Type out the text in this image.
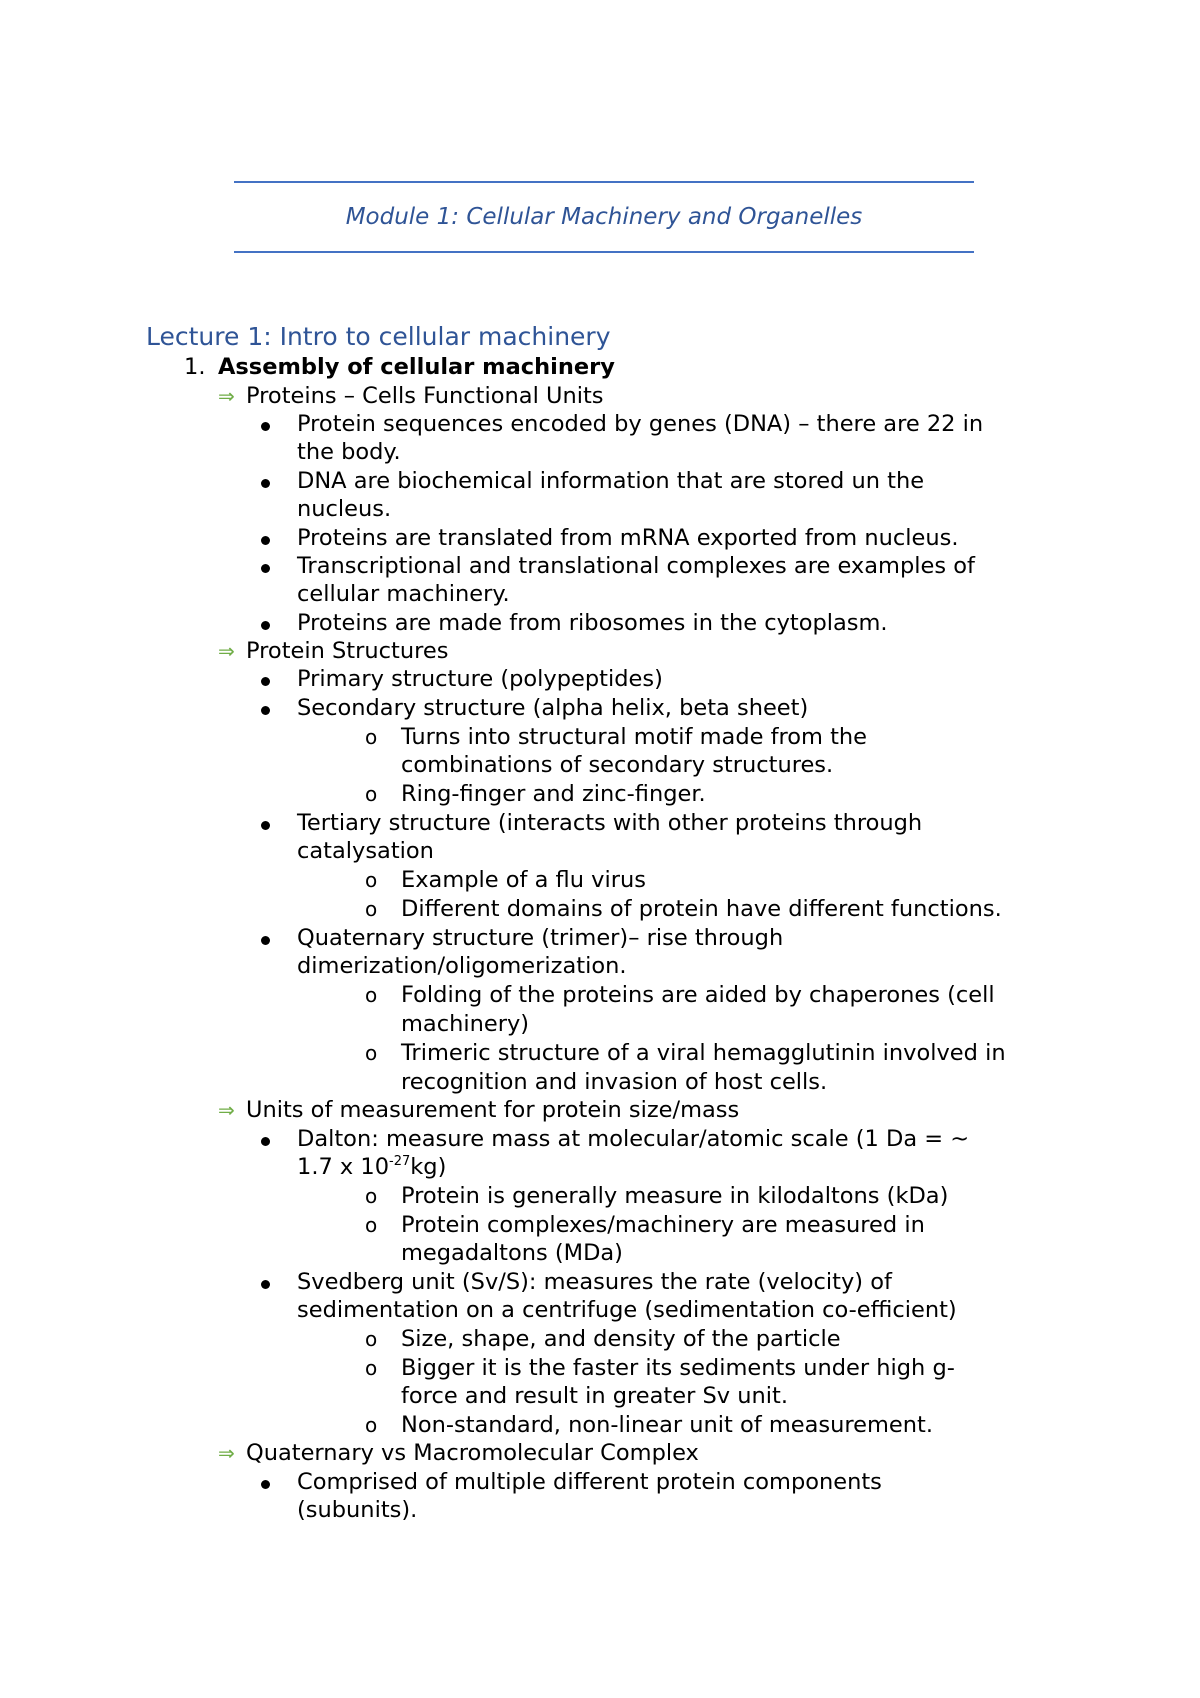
Module 1: Cellular Machinery and Organelles
Lecture 1: Intro to cellular machinery
1. Assembly of cellular machinery
⇒ Proteins – Cells Functional Units
Protein sequences encoded by genes (DNA) – there are 22 in
the body.
DNA are biochemical information that are stored un the
nucleus.
Proteins are translated from mRNA exported from nucleus.
Transcriptional and translational complexes are examples of
cellular machinery.
Proteins are made from ribosomes in the cytoplasm.
⇒ Protein Structures
Primary structure (polypeptides)
Secondary structure (alpha helix, beta sheet)
o Turns into structural motif made from the
combinations of secondary structures.
o Ring-finger and zinc-finger.
Tertiary structure (interacts with other proteins through
catalysation
o Example of a flu virus
o Different domains of protein have different functions.
Quaternary structure (trimer)– rise through
dimerization/oligomerization.
o Folding of the proteins are aided by chaperones (cell
machinery)
o Trimeric structure of a viral hemagglutinin involved in
recognition and invasion of host cells.
⇒ Units of measurement for protein size/mass
Dalton: measure mass at molecular/atomic scale (1 Da = ~
1.7 x $10^{-27}kg$)
o Protein is generally measure in kilodaltons (kDa)
o Protein complexes/machinery are measured in
megadaltons (MDa)
Svedberg unit (Sv/S): measures the rate (velocity) of
sedimentation on a centrifuge (sedimentation co-efficient)
o Size, shape, and density of the particle
o Bigger it is the faster its sediments under high g-
force and result in greater Sv unit.
o Non-standard, non-linear unit of measurement.
⇒ Quaternary vs Macromolecular Complex
Comprised of multiple different protein components
(subunits).
